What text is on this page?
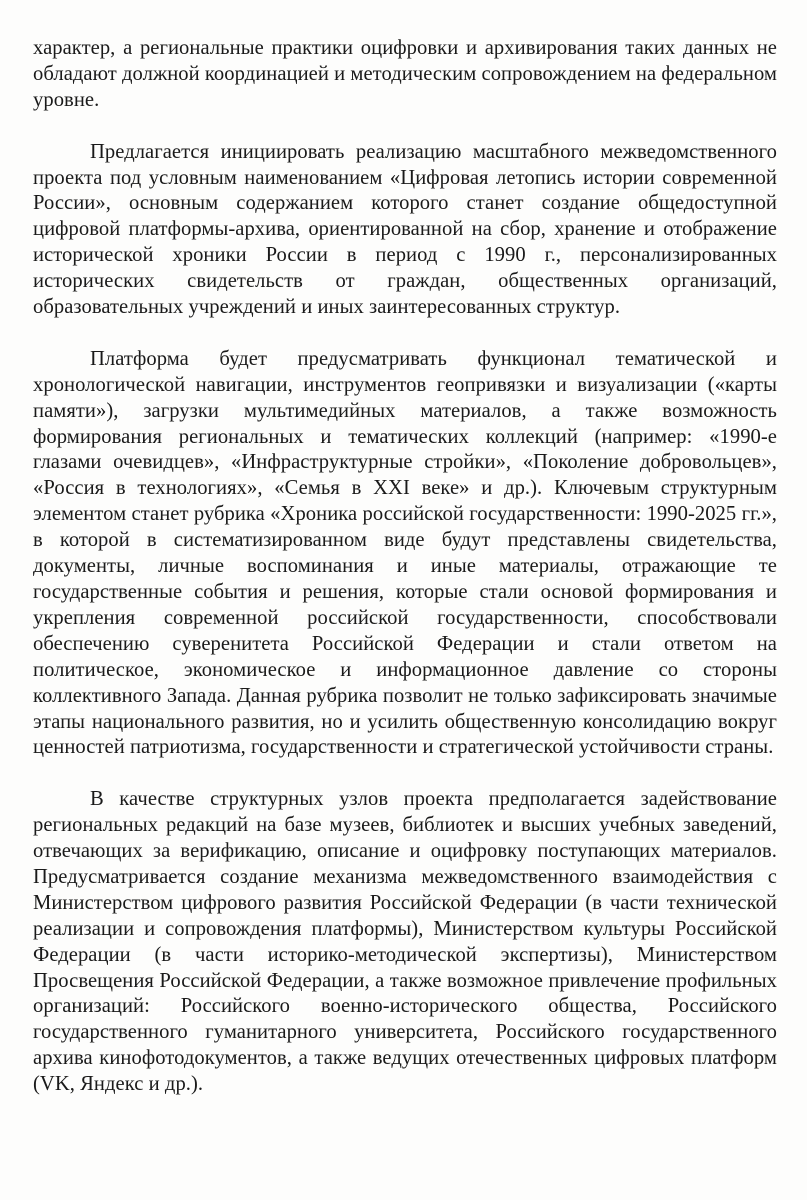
характер, а региональные практики оцифровки и архивирования таких данных не обладают должной координацией и методическим сопровождением на федеральном уровне.

Предлагается инициировать реализацию масштабного межведомственного проекта под условным наименованием «Цифровая летопись истории современной России», основным содержанием которого станет создание общедоступной цифровой платформы-архива, ориентированной на сбор, хранение и отображение исторической хроники России в период с 1990 г., персонализированных исторических свидетельств от граждан, общественных организаций, образовательных учреждений и иных заинтересованных структур.

Платформа будет предусматривать функционал тематической и хронологической навигации, инструментов геопривязки и визуализации («карты памяти»), загрузки мультимедийных материалов, а также возможность формирования региональных и тематических коллекций (например: «1990-е глазами очевидцев», «Инфраструктурные стройки», «Поколение добровольцев», «Россия в технологиях», «Семья в XXI веке» и др.). Ключевым структурным элементом станет рубрика «Хроника российской государственности: 1990-2025 гг.», в которой в систематизированном виде будут представлены свидетельства, документы, личные воспоминания и иные материалы, отражающие те государственные события и решения, которые стали основой формирования и укрепления современной российской государственности, способствовали обеспечению суверенитета Российской Федерации и стали ответом на политическое, экономическое и информационное давление со стороны коллективного Запада. Данная рубрика позволит не только зафиксировать значимые этапы национального развития, но и усилить общественную консолидацию вокруг ценностей патриотизма, государственности и стратегической устойчивости страны.

В качестве структурных узлов проекта предполагается задействование региональных редакций на базе музеев, библиотек и высших учебных заведений, отвечающих за верификацию, описание и оцифровку поступающих материалов. Предусматривается создание механизма межведомственного взаимодействия с Министерством цифрового развития Российской Федерации (в части технической реализации и сопровождения платформы), Министерством культуры Российской Федерации (в части историко-методической экспертизы), Министерством Просвещения Российской Федерации, а также возможное привлечение профильных организаций: Российского военно-исторического общества, Российского государственного гуманитарного университета, Российского государственного архива кинофотодокументов, а также ведущих отечественных цифровых платформ (VK, Яндекс и др.).
